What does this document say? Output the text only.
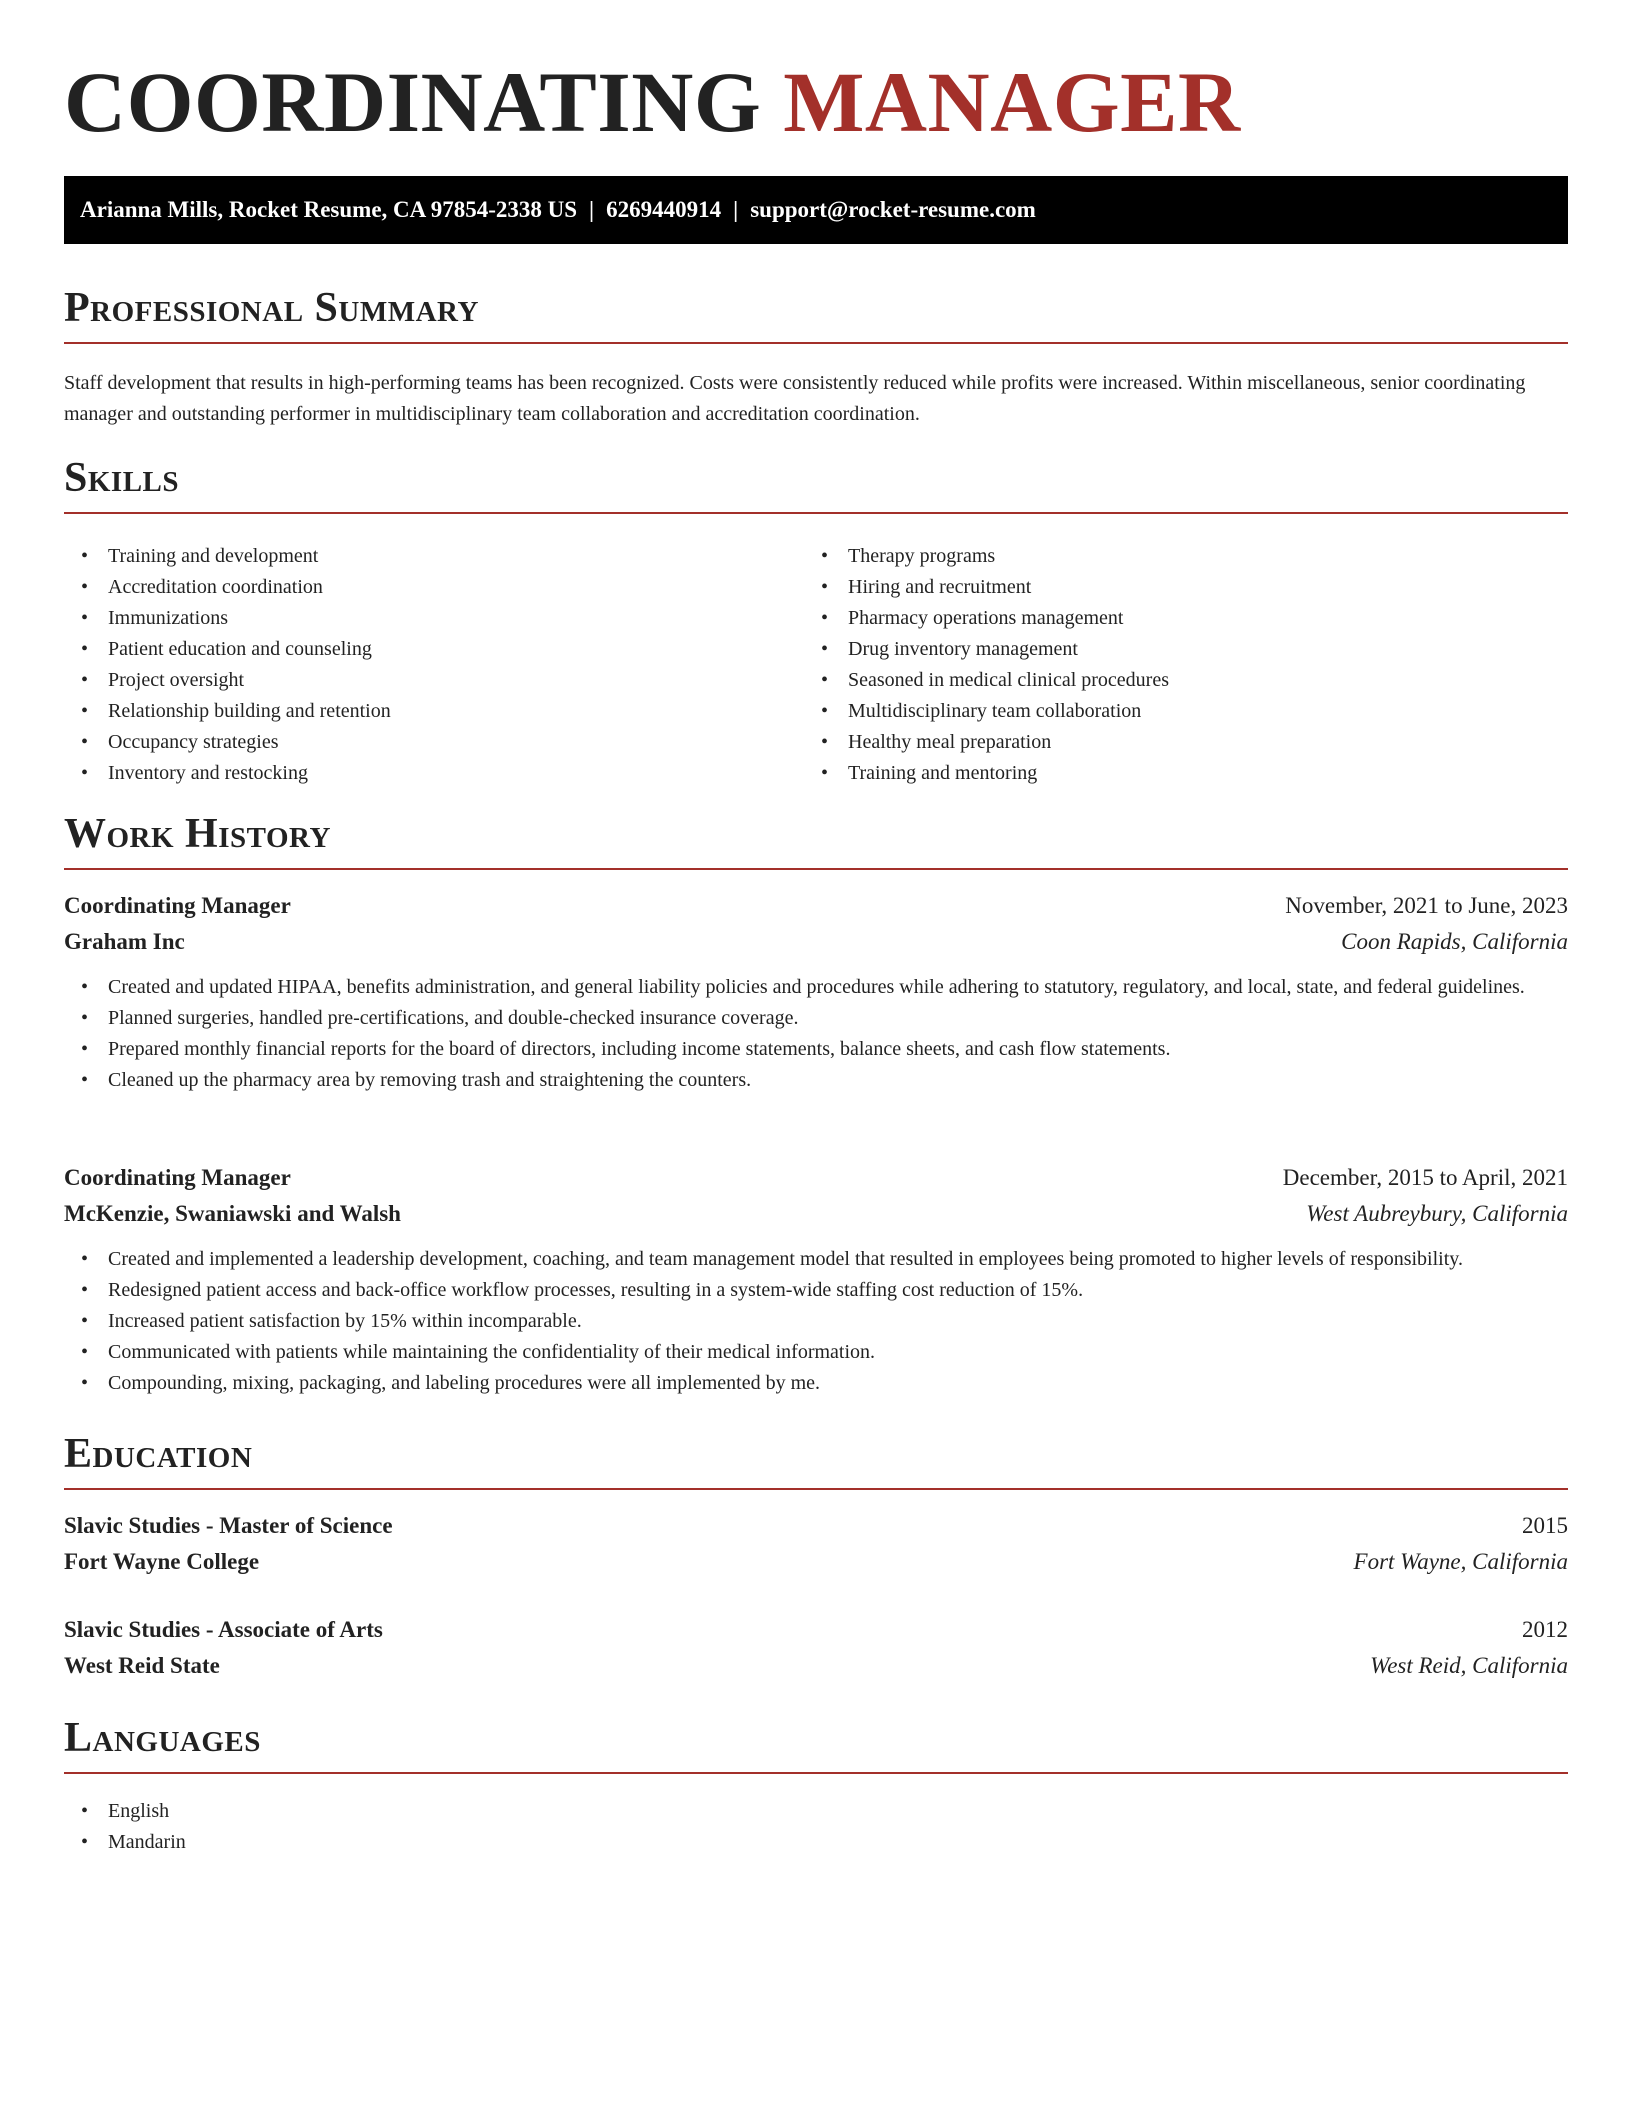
COORDINATING MANAGER
Arianna Mills, Rocket Resume, CA 97854-2338 US | 6269440914 | support@rocket-resume.com
Professional Summary

Staff development that results in high-performing teams has been recognized. Costs were consistently reduced while profits were increased. Within miscellaneous, senior coordinating manager and outstanding performer in multidisciplinary team collaboration and accreditation coordination.

Skills
• Training and development
• Accreditation coordination
• Immunizations
• Patient education and counseling
• Project oversight
• Relationship building and retention
• Occupancy strategies
• Inventory and restocking
• Therapy programs
• Hiring and recruitment
• Pharmacy operations management
• Drug inventory management
• Seasoned in medical clinical procedures
• Multidisciplinary team collaboration
• Healthy meal preparation
• Training and mentoring
Work History
Coordinating Manager	November, 2021 to June, 2023
Graham Inc	Coon Rapids, California
• Created and updated HIPAA, benefits administration, and general liability policies and procedures while adhering to statutory, regulatory, and local, state, and federal guidelines.
• Planned surgeries, handled pre-certifications, and double-checked insurance coverage.
• Prepared monthly financial reports for the board of directors, including income statements, balance sheets, and cash flow statements.
• Cleaned up the pharmacy area by removing trash and straightening the counters.
Coordinating Manager	December, 2015 to April, 2021
McKenzie, Swaniawski and Walsh	West Aubreybury, California
• Created and implemented a leadership development, coaching, and team management model that resulted in employees being promoted to higher levels of responsibility.
• Redesigned patient access and back-office workflow processes, resulting in a system-wide staffing cost reduction of 15%.
• Increased patient satisfaction by 15% within incomparable.
• Communicated with patients while maintaining the confidentiality of their medical information.
• Compounding, mixing, packaging, and labeling procedures were all implemented by me.
Education
Slavic Studies - Master of Science	2015
Fort Wayne College	Fort Wayne, California
Slavic Studies - Associate of Arts	2012
West Reid State	West Reid, California
Languages
• English
• Mandarin
